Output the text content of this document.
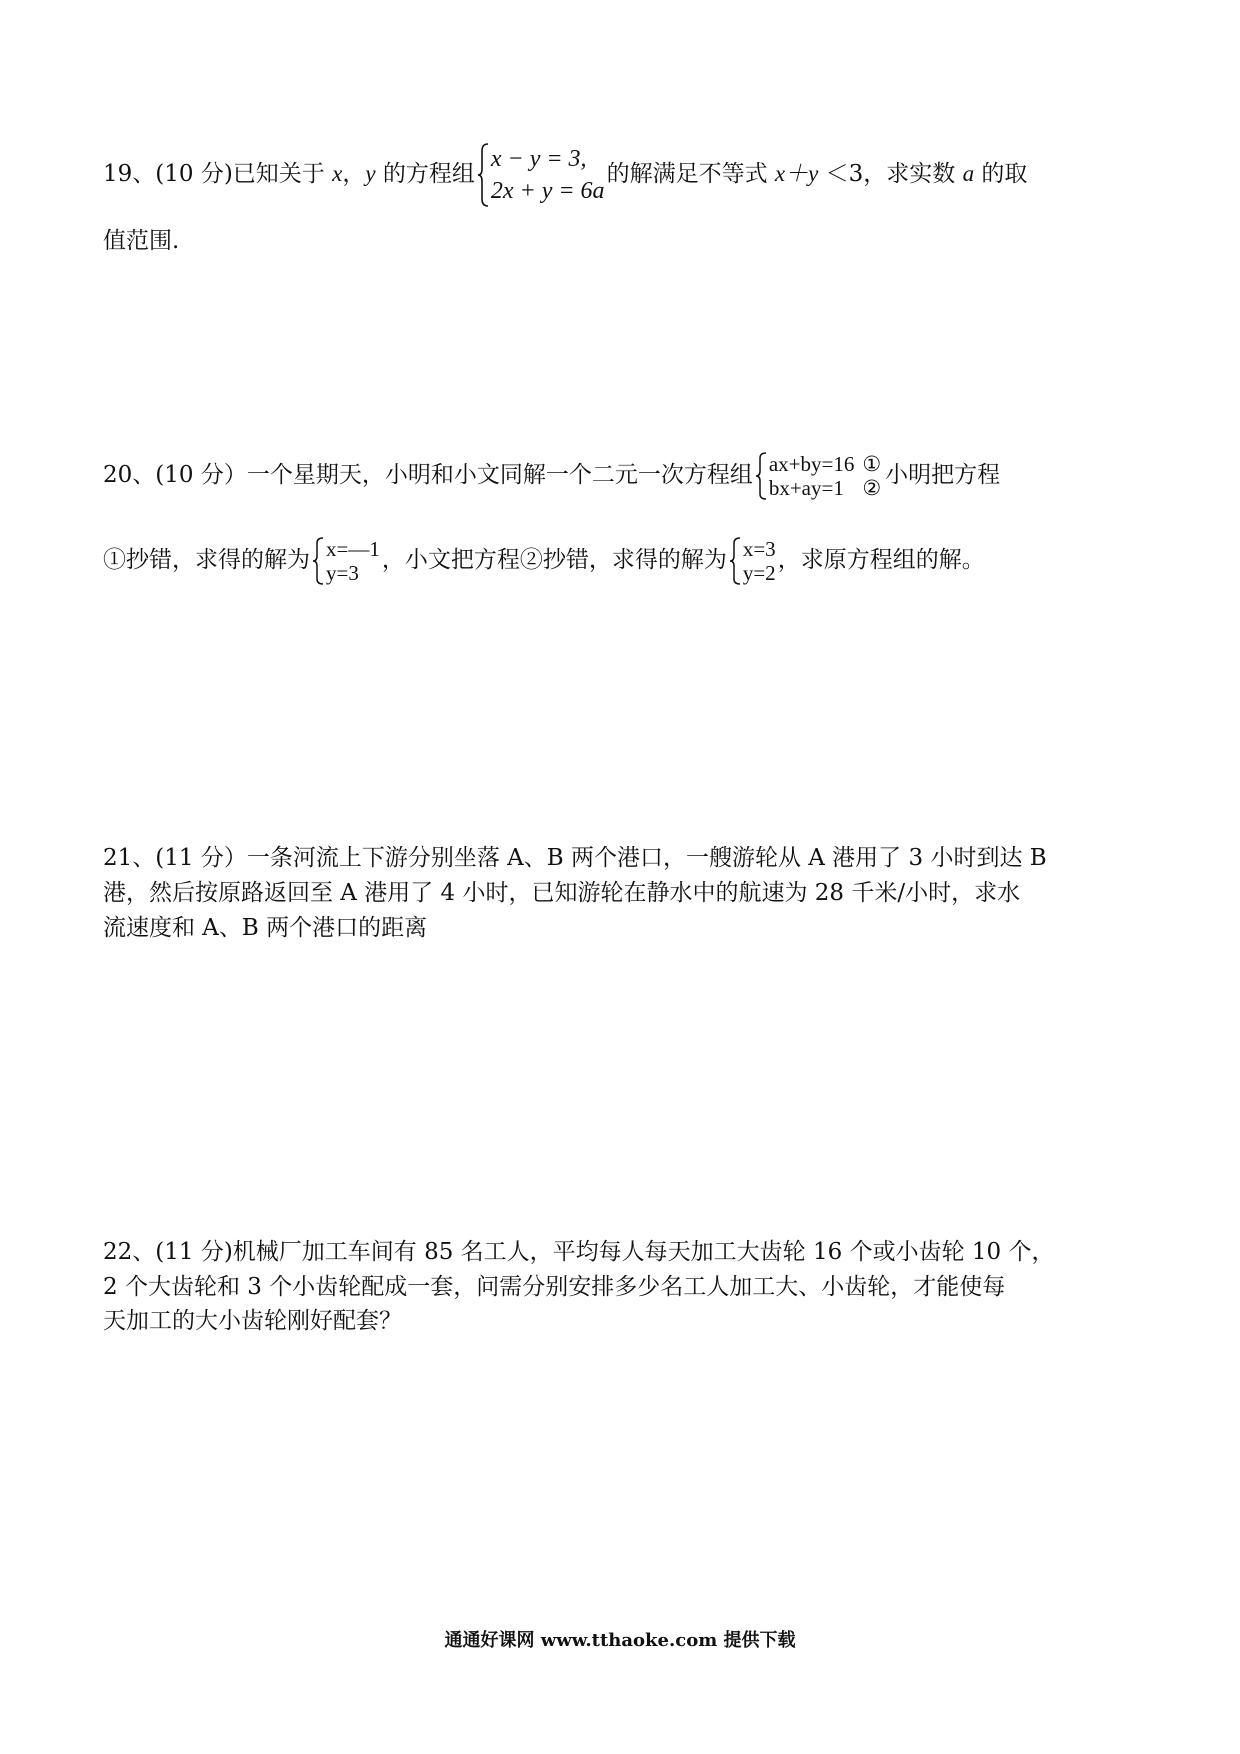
19、(10 分)已知关于 x，y 的方程组
x − y = 3,
2x + y = 6a
的解满足不等式 x＋y ＜3，求实数 a 的取
值范围.
20、(10 分）一个星期天，小明和小文同解一个二元一次方程组 ax+by=16
bx+ay=1
①
② 小明把方程
①抄错，求得的解为 x=—1
y=3	，小文把方程②抄错，求得的解为 x=3
y=2 ，求原方程组的解。
21、(11 分）一条河流上下游分别坐落 A、B 两个港口，一艘游轮从 A 港用了 3 小时到达 B
港，然后按原路返回至 A 港用了 4 小时，已知游轮在静水中的航速为 28 千米/小时，求水
流速度和 A、B 两个港口的距离
22、(11 分)机械厂加工车间有 85 名工人，平均每人每天加工大齿轮 16 个或小齿轮 10 个，
2 个大齿轮和 3 个小齿轮配成一套，问需分别安排多少名工人加工大、小齿轮，才能使每
天加工的大小齿轮刚好配套？
通通好课网 www.tthaoke.com 提供下载
